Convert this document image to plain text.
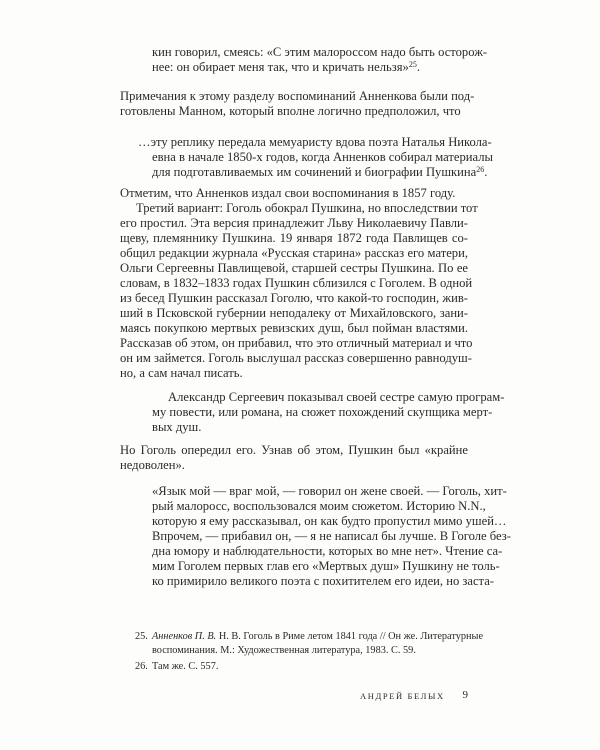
кин говорил, смеясь: «С этим малороссом надо быть осторож-
нее: он обирает меня так, что и кричать нельзя»$^{25}$.
Примечания к этому разделу воспоминаний Анненкова были под-
готовлены Манном, который вполне логично предположил, что
…эту реплику передала мемуаристу вдова поэта Наталья Никола-
евна в начале 1850-х годов, когда Анненков собирал материалы
для подготавливаемых им сочинений и биографии Пушкина$^{26}$.
Отметим, что Анненков издал свои воспоминания в 1857 году.
Третий вариант: Гоголь обокрал Пушкина, но впоследствии тот
его простил. Эта версия принадлежит Льву Николаевичу Павли-
щеву, племяннику Пушкина. 19 января 1872 года Павлищев со-
общил редакции журнала «Русская старина» рассказ его матери,
Ольги Сергеевны Павлищевой, старшей сестры Пушкина. По ее
словам, в 1832–1833 годах Пушкин сблизился с Гоголем. В одной
из бесед Пушкин рассказал Гоголю, что какой-то господин, жив-
ший в Псковской губернии неподалеку от Михайловского, зани-
маясь покупкою мертвых ревизских душ, был пойман властями.
Рассказав об этом, он прибавил, что это отличный материал и что
он им займется. Гоголь выслушал рассказ совершенно равнодуш-
но, а сам начал писать.
Александр Сергеевич показывал своей сестре самую програм-
му повести, или романа, на сюжет похождений скупщика мерт-
вых душ.
Но Гоголь опередил его. Узнав об этом, Пушкин был «крайне
недоволен».
«Язык мой — враг мой, — говорил он жене своей. — Гоголь, хит-
рый малоросс, воспользовался моим сюжетом. Историю N.N.,
которую я ему рассказывал, он как будто пропустил мимо ушей…
Впрочем, — прибавил он, — я не написал бы лучше. В Гоголе без-
дна юмору и наблюдательности, которых во мне нет». Чтение са-
мим Гоголем первых глав его «Мертвых душ» Пушкину не толь-
ко примирило великого поэта с похитителем его идеи, но заста-
25. Анненков П. В. Н. В. Гоголь в Риме летом 1841 года // Он же. Литературные
воспоминания. М.: Художественная литература, 1983. С. 59.
26. Там же. С. 557.
АНДРЕЙ БЕЛЫХ 9
